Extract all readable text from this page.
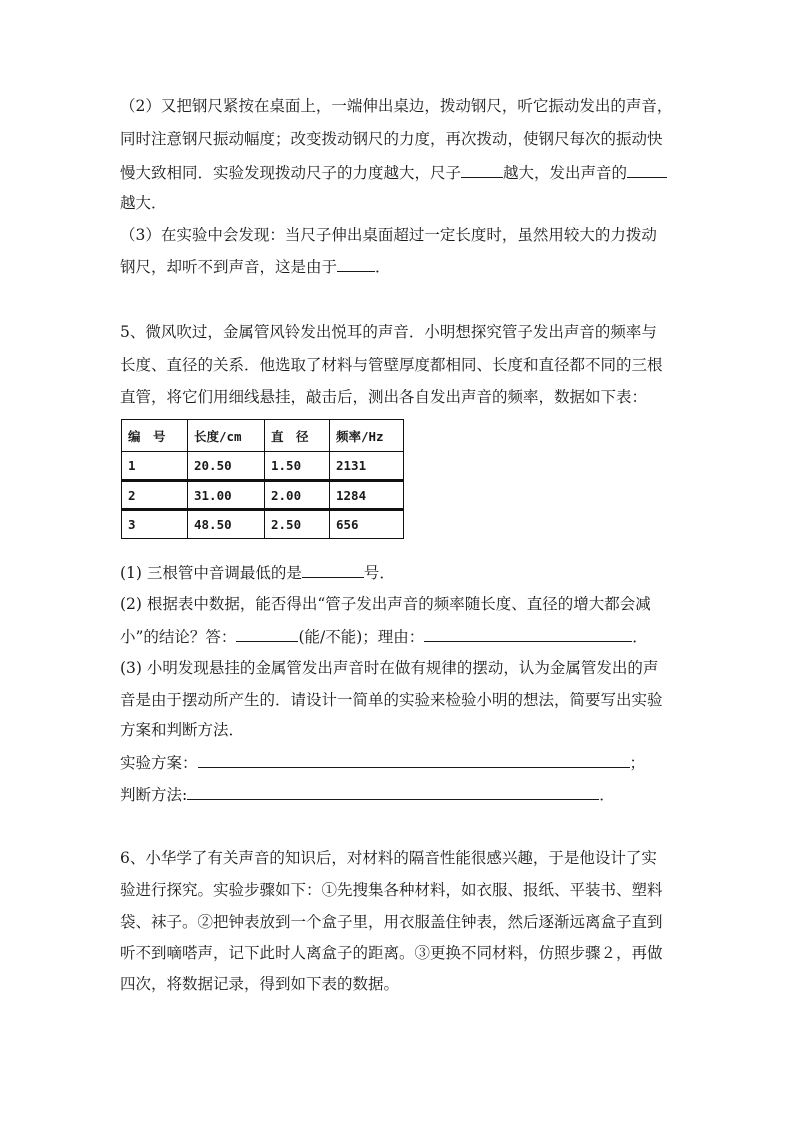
（2）又把钢尺紧按在桌面上，一端伸出桌边，拨动钢尺，听它振动发出的声音，
同时注意钢尺振动幅度；改变拨动钢尺的力度，再次拨动，使钢尺每次的振动快
慢大致相同．实验发现拨动尺子的力度越大，尺子	越大，发出声音的
越大．
（3）在实验中会发现：当尺子伸出桌面超过一定长度时，虽然用较大的力拨动
钢尺，却听不到声音，这是由于 ．
5、微风吹过，金属管风铃发出悦耳的声音．小明想探究管子发出声音的频率与
长度、直径的关系．他选取了材料与管壁厚度都相同、长度和直径都不同的三根
直管，将它们用细线悬挂，敲击后，测出各自发出声音的频率，数据如下表：
编　号	长度/cm	直　径	频率/Hz
1	20.50	1.50	2131
2	31.00	2.00	1284
3	48.50	2.50	656
(1) 三根管中音调最低的是	号．
(2) 根据表中数据，能否得出“管子发出声音的频率随长度、直径的增大都会减
小”的结论？答：	(能/不能)；理由：	．
(3) 小明发现悬挂的金属管发出声音时在做有规律的摆动，认为金属管发出的声
音是由于摆动所产生的．请设计一简单的实验来检验小明的想法，简要写出实验
方案和判断方法．
实验方案：	；
判断方法:	．
6、小华学了有关声音的知识后，对材料的隔音性能很感兴趣，于是他设计了实
验进行探究。实验步骤如下：①先搜集各种材料，如衣服、报纸、平装书、塑料
袋、袜子。②把钟表放到一个盒子里，用衣服盖住钟表，然后逐渐远离盒子直到
听不到嘀嗒声，记下此时人离盒子的距离。③更换不同材料，仿照步骤２，再做
四次，将数据记录，得到如下表的数据。
